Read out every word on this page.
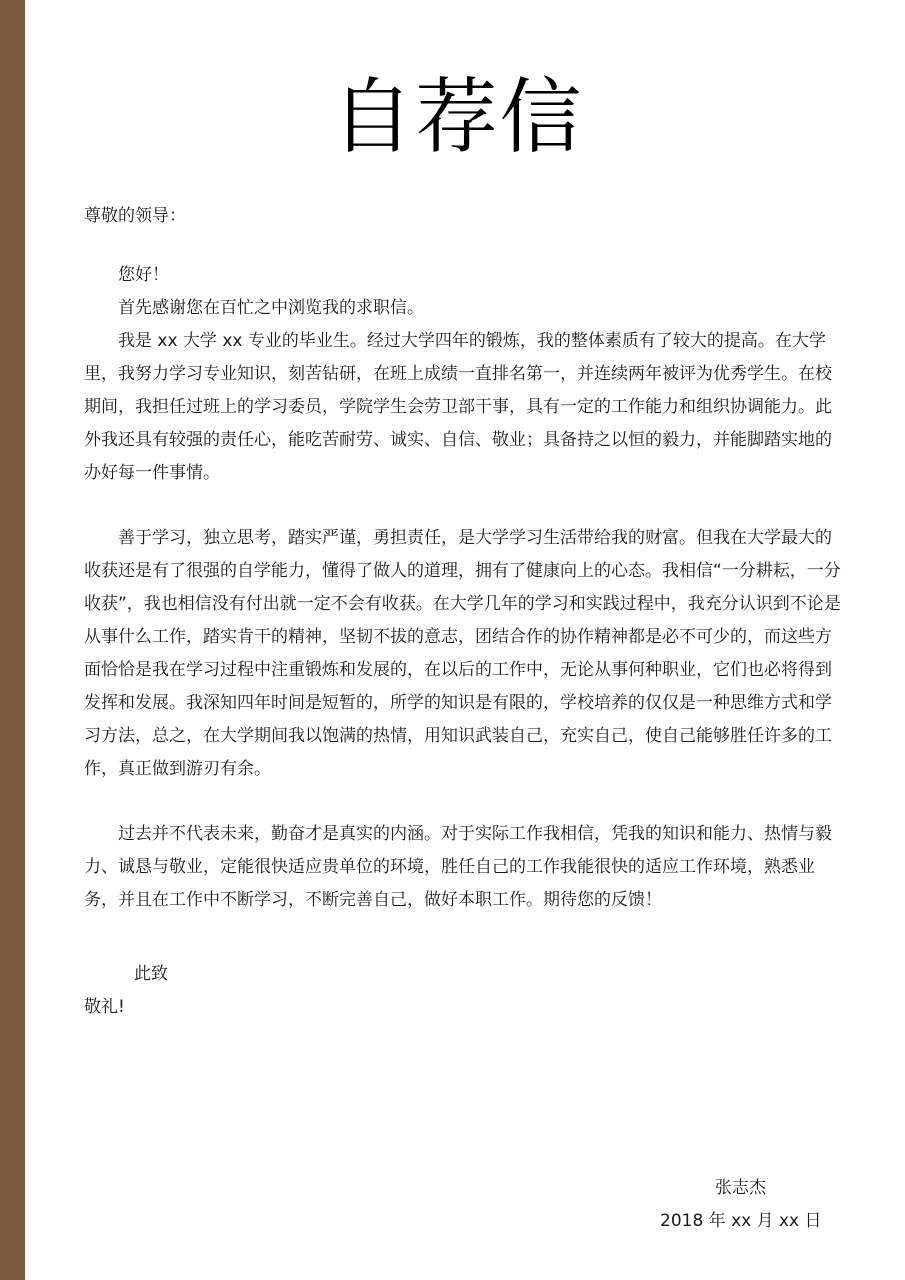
自荐信
尊敬的领导：

您好！

首先感谢您在百忙之中浏览我的求职信。

我是 xx 大学 xx 专业的毕业生。经过大学四年的锻炼，我的整体素质有了较大的提高。在大学里，我努力学习专业知识，刻苦钻研，在班上成绩一直排名第一，并连续两年被评为优秀学生。在校期间，我担任过班上的学习委员，学院学生会劳卫部干事，具有一定的工作能力和组织协调能力。此外我还具有较强的责任心，能吃苦耐劳、诚实、自信、敬业；具备持之以恒的毅力，并能脚踏实地的办好每一件事情。

善于学习，独立思考，踏实严谨，勇担责任，是大学学习生活带给我的财富。但我在大学最大的收获还是有了很强的自学能力，懂得了做人的道理，拥有了健康向上的心态。我相信“一分耕耘，一分收获”，我也相信没有付出就一定不会有收获。在大学几年的学习和实践过程中，我充分认识到不论是从事什么工作，踏实肯干的精神，坚韧不拔的意志，团结合作的协作精神都是必不可少的，而这些方面恰恰是我在学习过程中注重锻炼和发展的，在以后的工作中，无论从事何种职业，它们也必将得到发挥和发展。我深知四年时间是短暂的，所学的知识是有限的，学校培养的仅仅是一种思维方式和学习方法，总之，在大学期间我以饱满的热情，用知识武装自己，充实自己，使自己能够胜任许多的工作，真正做到游刃有余。

过去并不代表未来，勤奋才是真实的内涵。对于实际工作我相信，凭我的知识和能力、热情与毅力、诚恳与敬业，定能很快适应贵单位的环境，胜任自己的工作我能很快的适应工作环境，熟悉业务，并且在工作中不断学习，不断完善自己，做好本职工作。期待您的反馈！

此致
敬礼!
张志杰
2018 年 xx 月 xx 日
